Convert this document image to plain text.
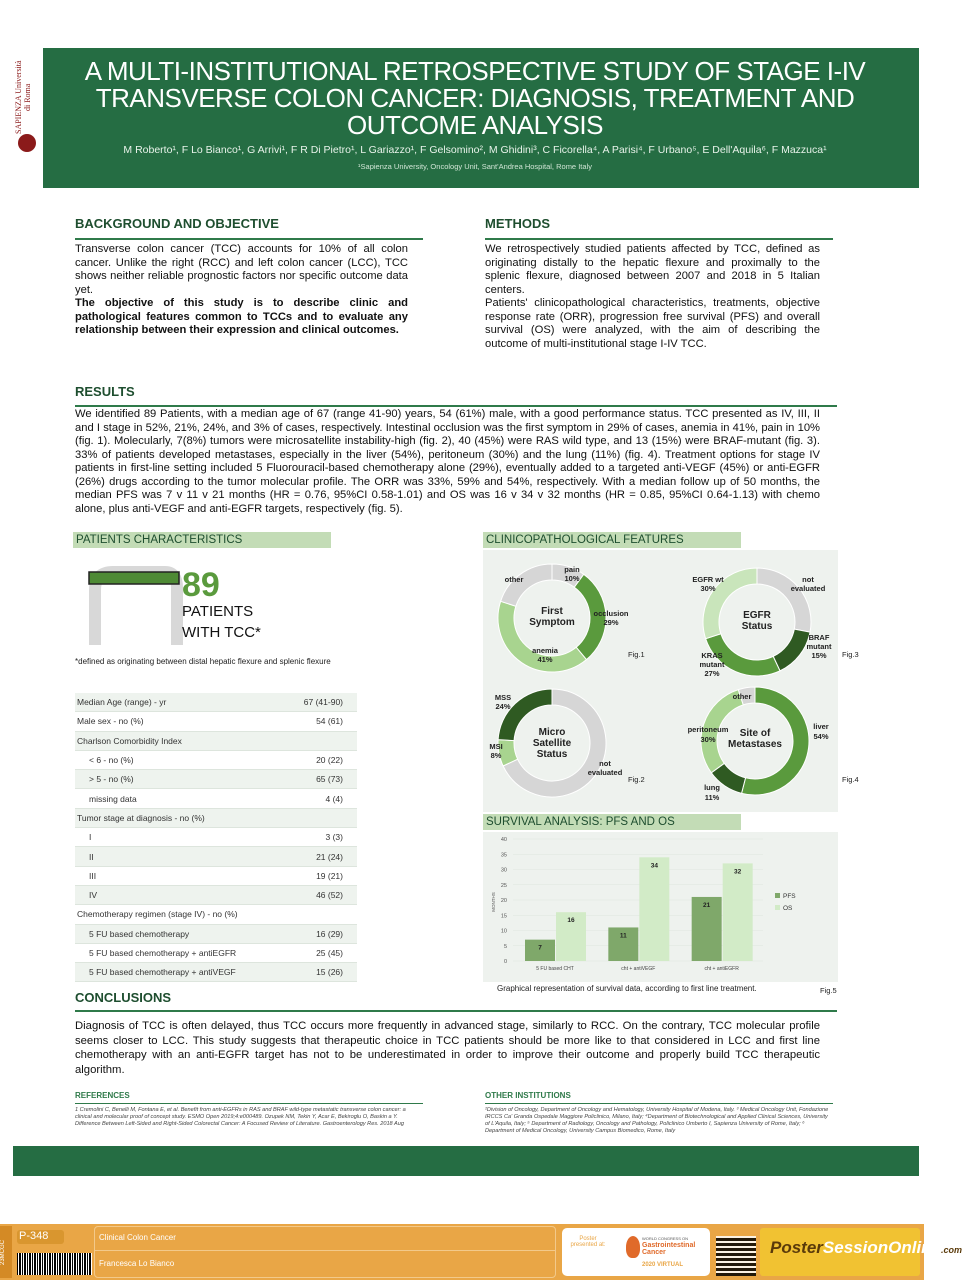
SAPIENZA Università di Roma
A MULTI-INSTITUTIONAL RETROSPECTIVE STUDY OF STAGE I-IV TRANSVERSE COLON CANCER: DIAGNOSIS, TREATMENT AND OUTCOME ANALYSIS
M Roberto¹, F Lo Bianco¹, G Arrivi¹, F R Di Pietro¹, L Gariazzo¹, F Gelsomino², M Ghidini³, C Ficorella⁴, A Parisi⁴, F Urbano⁵, E Dell'Aquila⁶, F Mazzuca¹
¹Sapienza University, Oncology Unit, Sant'Andrea Hospital, Rome Italy
BACKGROUND AND OBJECTIVE
Transverse colon cancer (TCC) accounts for 10% of all colon cancer. Unlike the right (RCC) and left colon cancer (LCC), TCC shows neither reliable prognostic factors nor specific outcome data yet.
The objective of this study is to describe clinic and pathological features common to TCCs and to evaluate any relationship between their expression and clinical outcomes.
METHODS
We retrospectively studied patients affected by TCC, defined as originating distally to the hepatic flexure and proximally to the splenic flexure, diagnosed between 2007 and 2018 in 5 Italian centers.
Patients' clinicopathological characteristics, treatments, objective response rate (ORR), progression free survival (PFS) and overall survival (OS) were analyzed, with the aim of describing the outcome of multi-institutional stage I-IV TCC.
RESULTS
We identified 89 Patients, with a median age of 67 (range 41-90) years, 54 (61%) male, with a good performance status. TCC presented as IV, III, II and I stage in 52%, 21%, 24%, and 3% of cases, respectively. Intestinal occlusion was the first symptom in 29% of cases, anemia in 41%, pain in 10% (fig. 1). Molecularly, 7(8%) tumors were microsatellite instability-high (fig. 2), 40 (45%) were RAS wild type, and 13 (15%) were BRAF-mutant (fig. 3). 33% of patients developed metastases, especially in the liver (54%), peritoneum (30%) and the lung (11%) (fig. 4). Treatment options for stage IV patients in first-line setting included 5 Fluorouracil-based chemotherapy alone (29%), eventually added to a targeted anti-VEGF (45%) or anti-EGFR (26%) drugs according to the tumor molecular profile. The ORR was 33%, 59% and 54%, respectively. With a median follow up of 50 months, the median PFS was 7 v 11 v 21 months (HR = 0.76, 95%CI 0.58-1.01) and OS was 16 v 34 v 32 months (HR = 0.85, 95%CI 0.64-1.13) with chemo alone, plus anti-VEGF and anti-EGFR targets, respectively (fig. 5).
PATIENTS CHARACTERISTICS
89
PATIENTS
WITH TCC*
*defined as originating between distal hepatic flexure and splenic flexure
Median Age (range) - yr	67 (41-90)
Male sex - no (%)	54 (61)
Charlson Comorbidity Index
< 6 - no (%)	20 (22)
> 5 - no (%)	65 (73)
missing data	4 (4)
Tumor stage at diagnosis - no (%)
I	3 (3)
II	21 (24)
III	19 (21)
IV	46 (52)
Chemotherapy regimen (stage IV) - no (%)
5 FU based chemotherapy	16 (29)
5 FU based chemotherapy + antiEGFR	25 (45)
5 FU based chemotherapy + antiVEGF	15 (26)
CLINICOPATHOLOGICAL FEATURES
First
Symptom
EGFR
Status
Micro
Satellite
Status
Site of
Metastases
pain
10%
other
occlusion
29%
anemia
41%
EGFR wt
30%
not
evaluated
BRAF
mutant
15%
KRAS
mutant
27%
MSS
24%
MSI
8%
not
evaluated
other
peritoneum
30%
liver
54%
lung
11%
Fig.1
Fig.2
Fig.3
Fig.4
SURVIVAL ANALYSIS: PFS AND OS
0
5
10
15
20
25
30
35
40
MONTHS
7
16
5 FU based CHT
11
34
cht + antiVEGF
21
32
cht + antiEGFR
PFS
OS
Graphical representation of survival data, according to first line treatment.	Fig.5
CONCLUSIONS
Diagnosis of TCC is often delayed, thus TCC occurs more frequently in advanced stage, similarly to RCC. On the contrary, TCC molecular profile seems closer to LCC. This study suggests that therapeutic choice in TCC patients should be more like to that considered in LCC and first line chemotherapy with an anti-EGFR target has not to be underestimated in order to improve their outcome and properly build TCC therapeutic algorithm.
REFERENCES
1 Cremolini C, Benelli M, Fontana E, et al. Benefit from anti-EGFRs in RAS and BRAF wild-type metastatic transverse colon cancer: a clinical and molecular proof of concept study. ESMO Open 2019;4:e000489. Ozupek NM, Tekin Y, Acar E, Bekiroglu O, Baskin a Y. Difference Between Left-Sided and Right-Sided Colorectal Cancer: A Focused Review of Literature. Gastroenterology Res. 2018 Aug
OTHER INSTITUTIONS
²Division of Oncology, Department of Oncology and Hematology, University Hospital of Modena, Italy. ³ Medical Oncology Unit, Fondazione IRCCS Ca' Granda Ospedale Maggiore Policlinico, Milano, Italy; ⁴Department of Biotechnological and Applied Clinical Sciences, University of L'Aquila, Italy; ⁵ Department of Radiology, Oncology and Pathology, Policlinico Umberto I, Sapienza University of Rome, Italy; ⁶ Department of Medical Oncology, University Campus Biomedico, Rome, Italy
23MCGC
P-348	Clinical Colon Cancer
Francesca Lo Bianco
Poster presented at:
WORLD CONGRESS ON
Gastrointestinal Cancer
2020 VIRTUAL
PosterSessionOnline.com
